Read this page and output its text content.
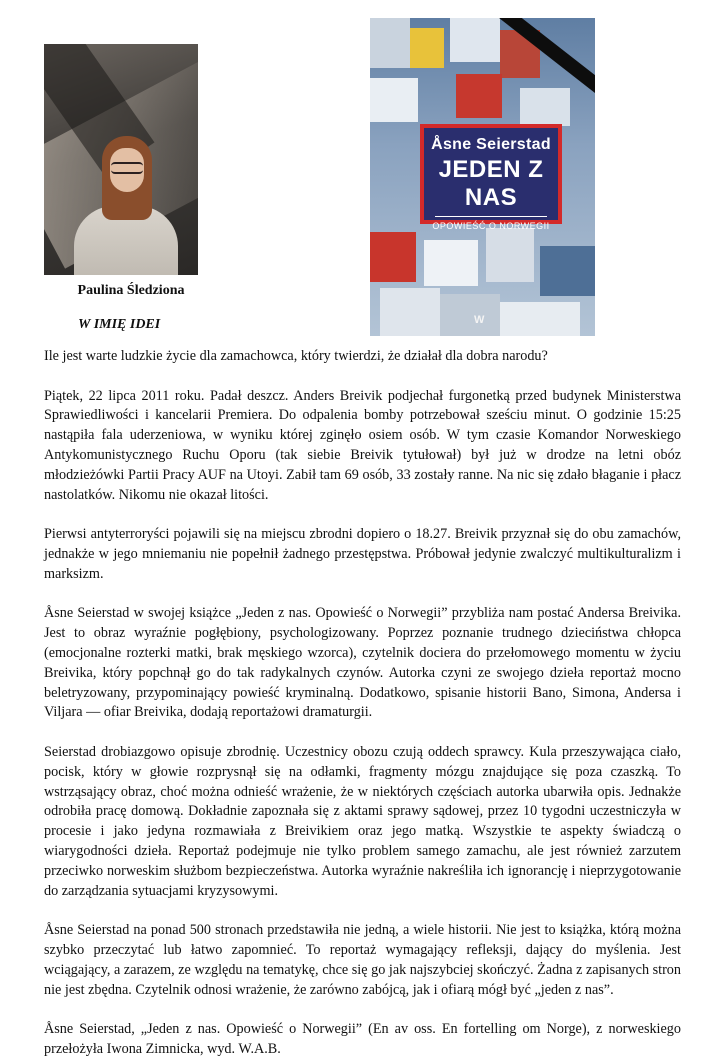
Paulina Śledziona
Åsne Seierstad
JEDEN Z NAS
OPOWIEŚĆ O NORWEGII
W
W IMIĘ IDEI

Ile jest warte ludzkie życie dla zamachowca, który twierdzi, że działał dla dobra narodu?

Piątek, 22 lipca 2011 roku. Padał deszcz. Anders Breivik podjechał furgonetką przed budynek Ministerstwa Sprawiedliwości i kancelarii Premiera. Do odpalenia bomby potrzebował sześciu minut. O godzinie 15:25 nastąpiła fala uderzeniowa, w wyniku której zginęło osiem osób. W tym czasie Komandor Norweskiego Antykomunistycznego Ruchu Oporu (tak siebie Breivik tytułował) był już w drodze na letni obóz młodzieżówki Partii Pracy AUF na Utoyi. Zabił tam 69 osób, 33 zostały ranne. Na nic się zdało błaganie i płacz nastolatków. Nikomu nie okazał litości.

Pierwsi antyterroryści pojawili się na miejscu zbrodni dopiero o 18.27. Breivik przyznał się do obu zamachów, jednakże w jego mniemaniu nie popełnił żadnego przestępstwa. Próbował jedynie zwalczyć multikulturalizm i marksizm.

Åsne Seierstad w swojej książce „Jeden z nas. Opowieść o Norwegii” przybliża nam postać Andersa Breivika. Jest to obraz wyraźnie pogłębiony, psychologizowany. Poprzez poznanie trudnego dzieciństwa chłopca (emocjonalne rozterki matki, brak męskiego wzorca), czytelnik dociera do przełomowego momentu w życiu Breivika, który popchnął go do tak radykalnych czynów. Autorka czyni ze swojego dzieła reportaż mocno beletryzowany, przypominający powieść kryminalną. Dodatkowo, spisanie historii Bano, Simona, Andersa i Viljara — ofiar Breivika, dodają reportażowi dramaturgii.

Seierstad drobiazgowo opisuje zbrodnię. Uczestnicy obozu czują oddech sprawcy. Kula przeszywająca ciało, pocisk, który w głowie rozprysnął się na odłamki, fragmenty mózgu znajdujące się poza czaszką. To wstrząsający obraz, choć można odnieść wrażenie, że w niektórych częściach autorka ubarwiła opis. Jednakże odrobiła pracę domową. Dokładnie zapoznała się z aktami sprawy sądowej, przez 10 tygodni uczestniczyła w procesie i jako jedyna rozmawiała z Breivikiem oraz jego matką. Wszystkie te aspekty świadczą o wiarygodności dzieła. Reportaż podejmuje nie tylko problem samego zamachu, ale jest również zarzutem przeciwko norweskim służbom bezpieczeństwa. Autorka wyraźnie nakreśliła ich ignorancję i nieprzygotowanie do zarządzania sytuacjami kryzysowymi.

Åsne Seierstad na ponad 500 stronach przedstawiła nie jedną, a wiele historii. Nie jest to książka, którą można szybko przeczytać lub łatwo zapomnieć. To reportaż wymagający refleksji, dający do myślenia. Jest wciągający, a zarazem, ze względu na tematykę, chce się go jak najszybciej skończyć. Żadna z zapisanych stron nie jest zbędna. Czytelnik odnosi wrażenie, że zarówno zabójcą, jak i ofiarą mógł być „jeden z nas”.

Åsne Seierstad, „Jeden z nas. Opowieść o Norwegii” (En av oss. En fortelling om Norge), z norweskiego przełożyła Iwona Zimnicka, wyd. W.A.B.
